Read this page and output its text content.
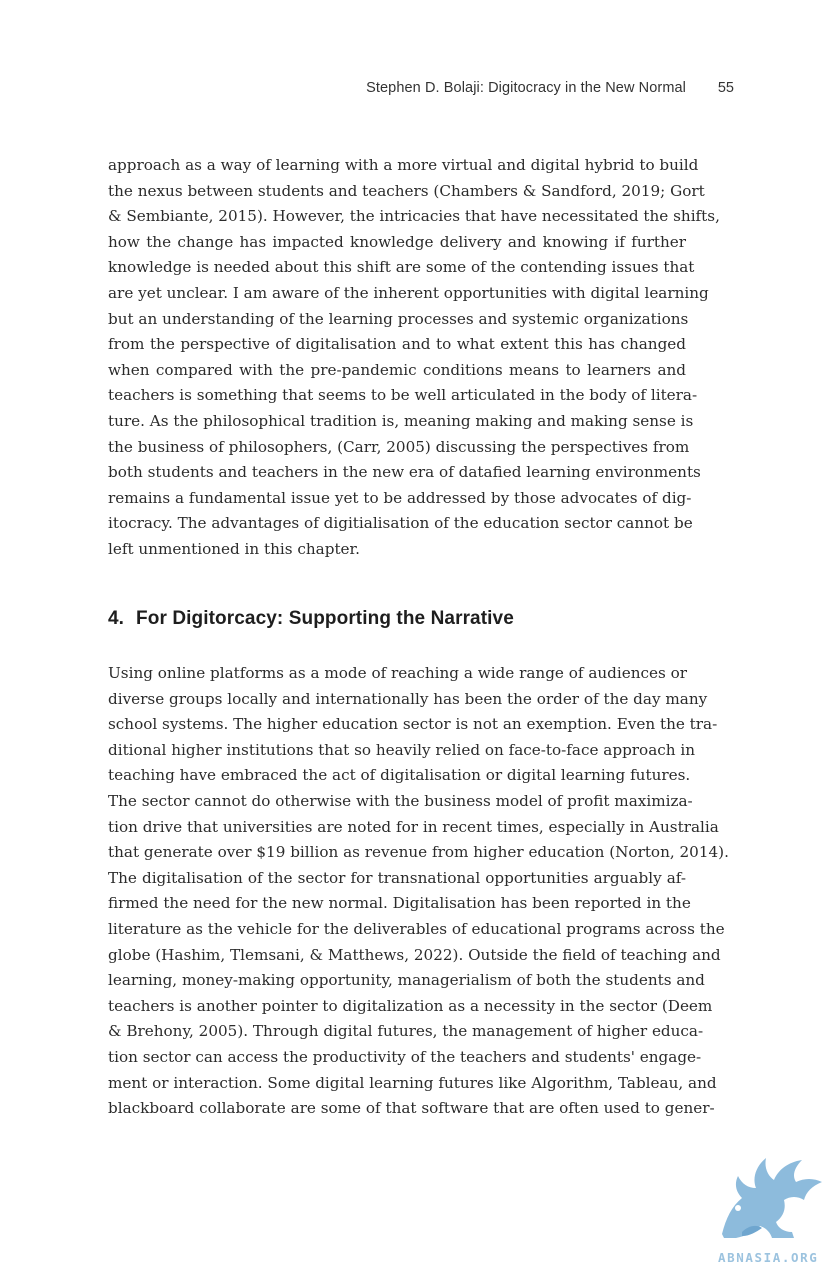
Stephen D. Bolaji: Digitocracy in the New Normal 55
approach as a way of learning with a more virtual and digital hybrid to build
the nexus between students and teachers (Chambers & Sandford, 2019; Gort
& Sembiante, 2015). However, the intricacies that have necessitated the shifts,
how the change has impacted knowledge delivery and knowing if further
knowledge is needed about this shift are some of the contending issues that
are yet unclear. I am aware of the inherent opportunities with digital learning
but an understanding of the learning processes and systemic organizations
from the perspective of digitalisation and to what extent this has changed
when compared with the pre-pandemic conditions means to learners and
teachers is something that seems to be well articulated in the body of litera-
ture. As the philosophical tradition is, meaning making and making sense is
the business of philosophers, (Carr, 2005) discussing the perspectives from
both students and teachers in the new era of datafied learning environments
remains a fundamental issue yet to be addressed by those advocates of dig-
itocracy. The advantages of digitialisation of the education sector cannot be
left unmentioned in this chapter.
4. For Digitorcacy: Supporting the Narrative
Using online platforms as a mode of reaching a wide range of audiences or
diverse groups locally and internationally has been the order of the day many
school systems. The higher education sector is not an exemption. Even the tra-
ditional higher institutions that so heavily relied on face-to-face approach in
teaching have embraced the act of digitalisation or digital learning futures.
The sector cannot do otherwise with the business model of profit maximiza-
tion drive that universities are noted for in recent times, especially in Australia
that generate over $19 billion as revenue from higher education (Norton, 2014).
The digitalisation of the sector for transnational opportunities arguably af-
firmed the need for the new normal. Digitalisation has been reported in the
literature as the vehicle for the deliverables of educational programs across the
globe (Hashim, Tlemsani, & Matthews, 2022). Outside the field of teaching and
learning, money-making opportunity, managerialism of both the students and
teachers is another pointer to digitalization as a necessity in the sector (Deem
& Brehony, 2005). Through digital futures, the management of higher educa-
tion sector can access the productivity of the teachers and students' engage-
ment or interaction. Some digital learning futures like Algorithm, Tableau, and
blackboard collaborate are some of that software that are often used to gener-
ABNASIA.ORG
